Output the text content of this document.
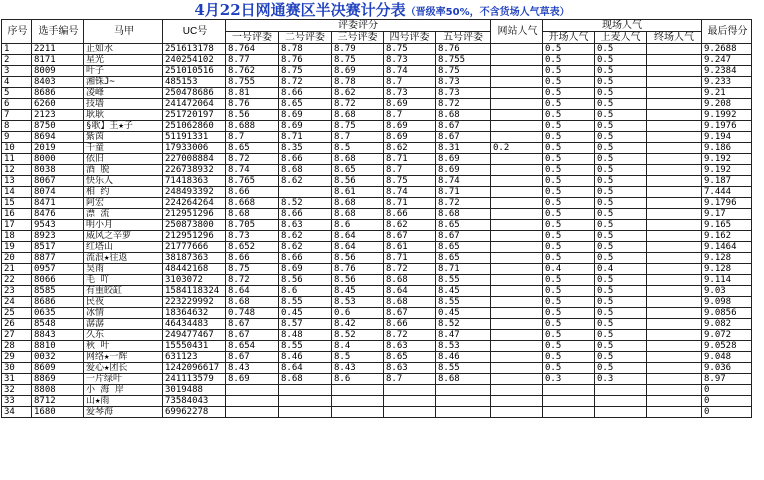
4月22日网通赛区半决赛计分表（晋级率50%，不含货场人气草表）
序号	选手编号	马甲	UC号	评委评分					网站人气	现场人气			最后得分
				一号评委	二号评委	三号评委	四号评委	五号评委		开场人气	上麦人气	终场人气	
1	2211	止如水	251613178	8.764	8.78	8.79	8.75	8.76		0.5	0.5		9.2688
2	8171	星光	240254102	8.77	8.76	8.75	8.73	8.755		0.5	0.5		9.247
3	8009	叶子	251010516	8.762	8.75	8.69	8.74	8.75		0.5	0.5		9.2384
4	8403	湘铢J~	485153	8.755	8.72	8.78	8.7	8.73		0.5	0.5		9.233
5	8686	凌峰	250478686	8.81	8.66	8.62	8.73	8.73		0.5	0.5		9.21
6	6260	技墙	241472064	8.76	8.65	8.72	8.69	8.72		0.5	0.5		9.208
7	2123	耿耿	251720197	8.56	8.69	8.68	8.7	8.68		0.5	0.5		9.1992
8	8750	§歌】王★子	251062860	8.688	8.69	8.75	8.69	8.67		0.5	0.5		9.1976
9	8694	紫茵	51191331	8.7	8.71	8.7	8.69	8.67		0.5	0.5		9.194
10	2019	千童	17933006	8.65	8.35	8.5	8.62	8.31	0.2	0.5	0.5		9.186
11	8000	依旧	227008884	8.72	8.66	8.68	8.71	8.69		0.5	0.5		9.192
12	8038	酒 脱	226738932	8.74	8.68	8.65	8.7	8.69		0.5	0.5		9.192
13	8067	快乐人	71418363	8.765	8.62	8.56	8.75	8.74		0.5	0.5		9.187
14	8074	相 约	248493392	8.66		8.61	8.74	8.71		0.5	0.5		7.444
15	8471	阿宏	224264264	8.668	8.52	8.68	8.71	8.72		0.5	0.5		9.1796
16	8476	漂 流	212951296	8.68	8.66	8.68	8.66	8.68		0.5	0.5		9.17
17	9543	明小月	250873800	8.705	8.63	8.6	8.62	8.65		0.5	0.5		9.165
18	8923	威风之辛萝	212951296	8.73	8.62	8.64	8.67	8.67		0.5	0.5		9.162
19	8517	红塔山	21777666	8.652	8.62	8.64	8.61	8.65		0.5	0.5		9.1464
20	8877	流浪★往返	38187363	8.66	8.66	8.56	8.71	8.65		0.5	0.5		9.128
21	0957	昊雨	48442168	8.75	8.69	8.76	8.72	8.71		0.4	0.4		9.128
22	8066	毛 吖	3103072	8.72	8.56	8.56	8.68	8.55		0.5	0.5		9.114
23	8585	有重皎缸	1584118324	8.64	8.6	8.45	8.64	8.45		0.5	0.5		9.03
24	8686	民夜	223229992	8.68	8.55	8.53	8.68	8.55		0.5	0.5		9.098
25	0635	冰情	18364632	0.748	0.45	0.6	8.67	0.45		0.5	0.5		9.0856
26	8548	潺潺	46434483	8.67	8.57	8.42	8.66	8.52		0.5	0.5		9.082
27	8843	久东	249477467	8.67	8.48	8.52	8.72	8.47		0.5	0.5		9.072
28	8810	秋 叶	15550431	8.654	8.55	8.4	8.63	8.53		0.5	0.5		9.0528
29	0032	网络★一辉	631123	8.67	8.46	8.5	8.65	8.46		0.5	0.5		9.048
30	8609	爱心★团长	1242096617	8.43	8.64	8.43	8.63	8.55		0.5	0.5		9.036
31	8869	一片绿叶	241113579	8.69	8.68	8.6	8.7	8.68		0.3	0.3		8.97
32	8808	小 海 岸	3019488										0
33	8712	山★雨	73584043										0
34	1680	爱琴海	69962278										0
